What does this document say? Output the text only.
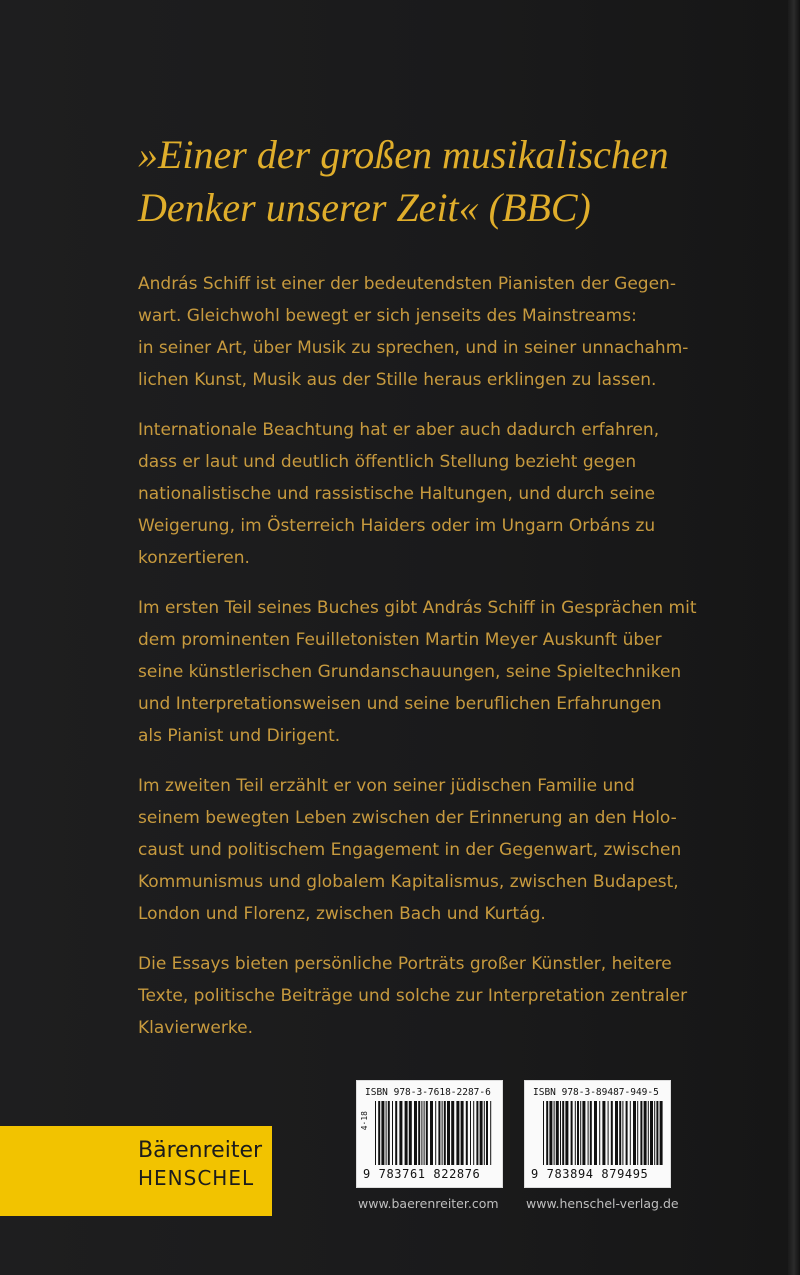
»Einer der großen musikalischen
Denker unserer Zeit« (BBC)
András Schiff ist einer der bedeutendsten Pianisten der Gegen-
wart. Gleichwohl bewegt er sich jenseits des Mainstreams:
in seiner Art, über Musik zu sprechen, und in seiner unnachahm-
lichen Kunst, Musik aus der Stille heraus erklingen zu lassen.
Internationale Beachtung hat er aber auch dadurch erfahren,
dass er laut und deutlich öffentlich Stellung bezieht gegen
nationalistische und rassistische Haltungen, und durch seine
Weigerung, im Österreich Haiders oder im Ungarn Orbáns zu
konzertieren.
Im ersten Teil seines Buches gibt András Schiff in Gesprächen mit
dem prominenten Feuilletonisten Martin Meyer Auskunft über
seine künstlerischen Grundanschauungen, seine Spieltechniken
und Interpretationsweisen und seine beruflichen Erfahrungen
als Pianist und Dirigent.
Im zweiten Teil erzählt er von seiner jüdischen Familie und
seinem bewegten Leben zwischen der Erinnerung an den Holo-
caust und politischem Engagement in der Gegenwart, zwischen
Kommunismus und globalem Kapitalismus, zwischen Budapest,
London und Florenz, zwischen Bach und Kurtág.
Die Essays bieten persönliche Porträts großer Künstler, heitere
Texte, politische Beiträge und solche zur Interpretation zentraler
Klavierwerke.
Bärenreiter
HENSCHEL
ISBN 978-3-7618-2287-6
4·18
9 783761 822876
ISBN 978-3-89487-949-5
9 783894 879495
www.baerenreiter.com www.henschel-verlag.de
